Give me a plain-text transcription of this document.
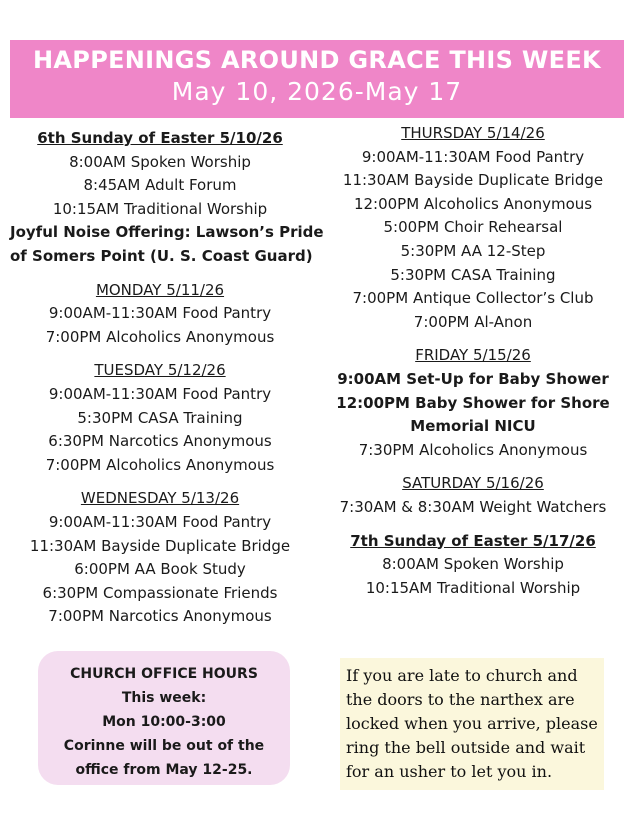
HAPPENINGS AROUND GRACE THIS WEEK
May 10, 2026-May 17
6th Sunday of Easter 5/10/26
8:00AM Spoken Worship
8:45AM Adult Forum
10:15AM Traditional Worship
Joyful Noise Offering: Lawson’s Pride
of Somers Point (U. S. Coast Guard)
MONDAY 5/11/26
9:00AM-11:30AM Food Pantry
7:00PM Alcoholics Anonymous
TUESDAY 5/12/26
9:00AM-11:30AM Food Pantry
5:30PM CASA Training
6:30PM Narcotics Anonymous
7:00PM Alcoholics Anonymous
WEDNESDAY 5/13/26
9:00AM-11:30AM Food Pantry
11:30AM Bayside Duplicate Bridge
6:00PM AA Book Study
6:30PM Compassionate Friends
7:00PM Narcotics Anonymous
THURSDAY 5/14/26
9:00AM-11:30AM Food Pantry
11:30AM Bayside Duplicate Bridge
12:00PM Alcoholics Anonymous
5:00PM Choir Rehearsal
5:30PM AA 12-Step
5:30PM CASA Training
7:00PM Antique Collector’s Club
7:00PM Al-Anon
FRIDAY 5/15/26
9:00AM Set-Up for Baby Shower
12:00PM Baby Shower for Shore
Memorial NICU
7:30PM Alcoholics Anonymous
SATURDAY 5/16/26
7:30AM & 8:30AM Weight Watchers
7th Sunday of Easter 5/17/26
8:00AM Spoken Worship
10:15AM Traditional Worship
CHURCH OFFICE HOURS
This week:
Mon 10:00-3:00
Corinne will be out of the
office from May 12-25.
If you are late to church and the doors to the narthex are locked when you arrive, please ring the bell outside and wait for an usher to let you in.
